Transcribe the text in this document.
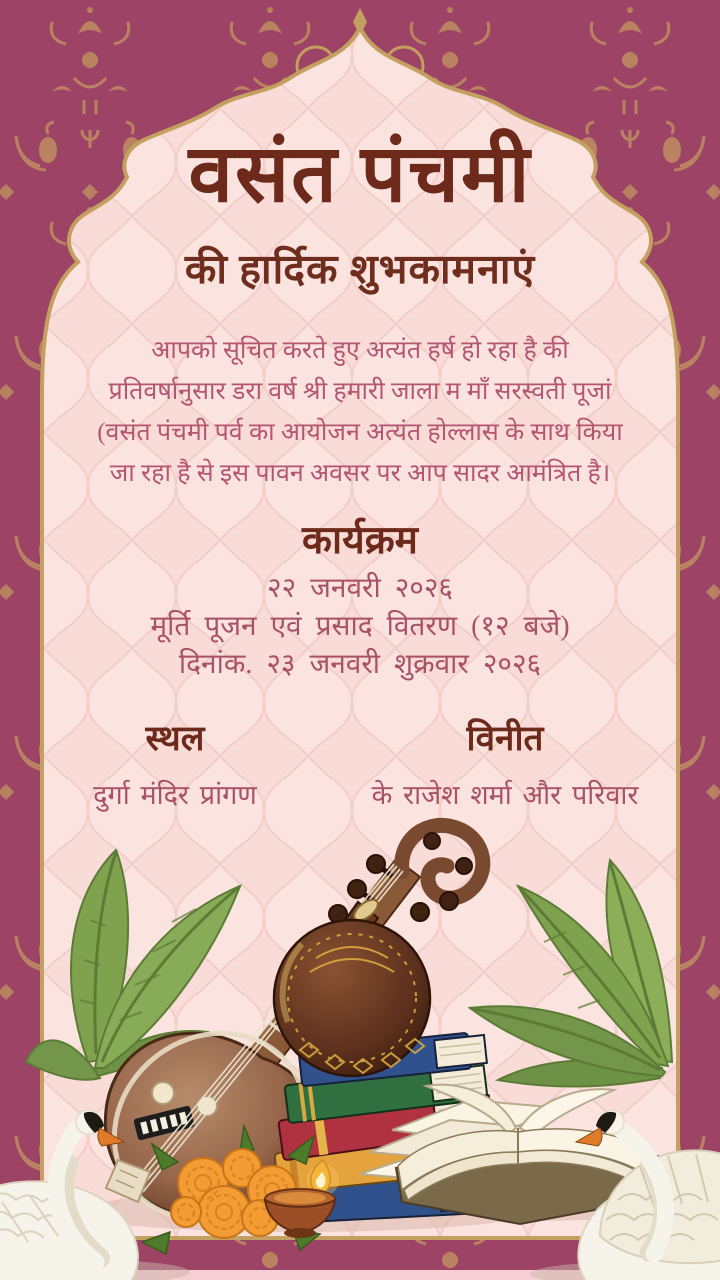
वसंत पंचमी
की हार्दिक शुभकामनाएं
आपको सूचित करते हुए अत्यंत हर्ष हो रहा है की
प्रतिवर्षानुसार डरा वर्ष श्री हमारी जाला म माँ सरस्वती पूजां
(वसंत पंचमी पर्व का आयोजन अत्यंत होल्लास के साथ किया
जा रहा है से इस पावन अवसर पर आप सादर आमंत्रित है।
कार्यक्रम
२२ जनवरी २०२६
मूर्ति पूजन एवं प्रसाद वितरण (१२ बजे)
दिनांक. २३ जनवरी शुक्रवार २०२६
स्थल
दुर्गा मंदिर प्रांगण
विनीत
के राजेश शर्मा और परिवार
